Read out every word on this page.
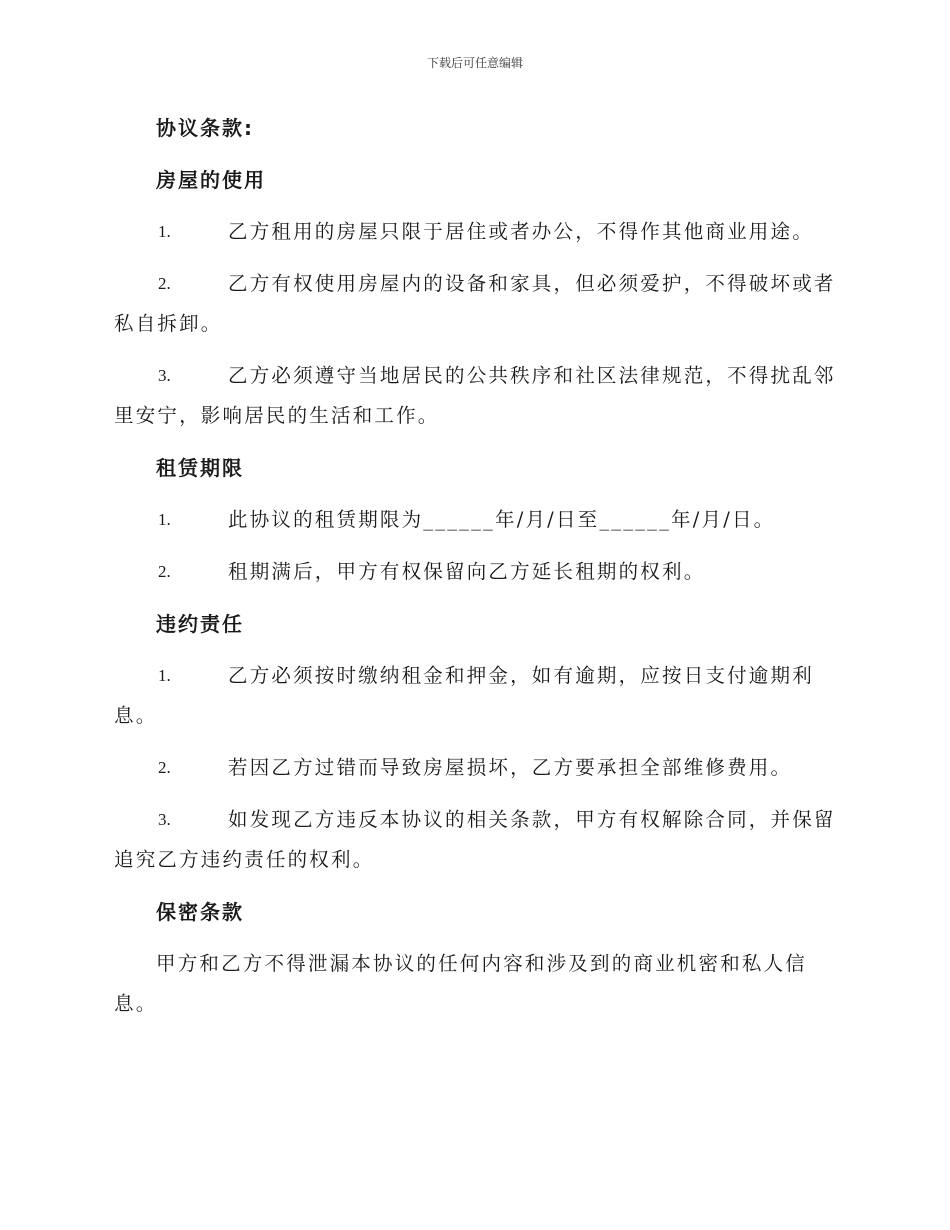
下载后可任意编辑
协议条款:
房屋的使用
1.	乙方租用的房屋只限于居住或者办公，不得作其他商业用途。
2.	乙方有权使用房屋内的设备和家具，但必须爱护，不得破坏或者私自拆卸。
3.	乙方必须遵守当地居民的公共秩序和社区法律规范，不得扰乱邻里安宁，影响居民的生活和工作。
租赁期限
1.	此协议的租赁期限为______年/月/日至______年/月/日。
2.	租期满后，甲方有权保留向乙方延长租期的权利。
违约责任
1.	乙方必须按时缴纳租金和押金，如有逾期，应按日支付逾期利息。
2.	若因乙方过错而导致房屋损坏，乙方要承担全部维修费用。
3.	如发现乙方违反本协议的相关条款，甲方有权解除合同，并保留追究乙方违约责任的权利。
保密条款
甲方和乙方不得泄漏本协议的任何内容和涉及到的商业机密和私人信息。
